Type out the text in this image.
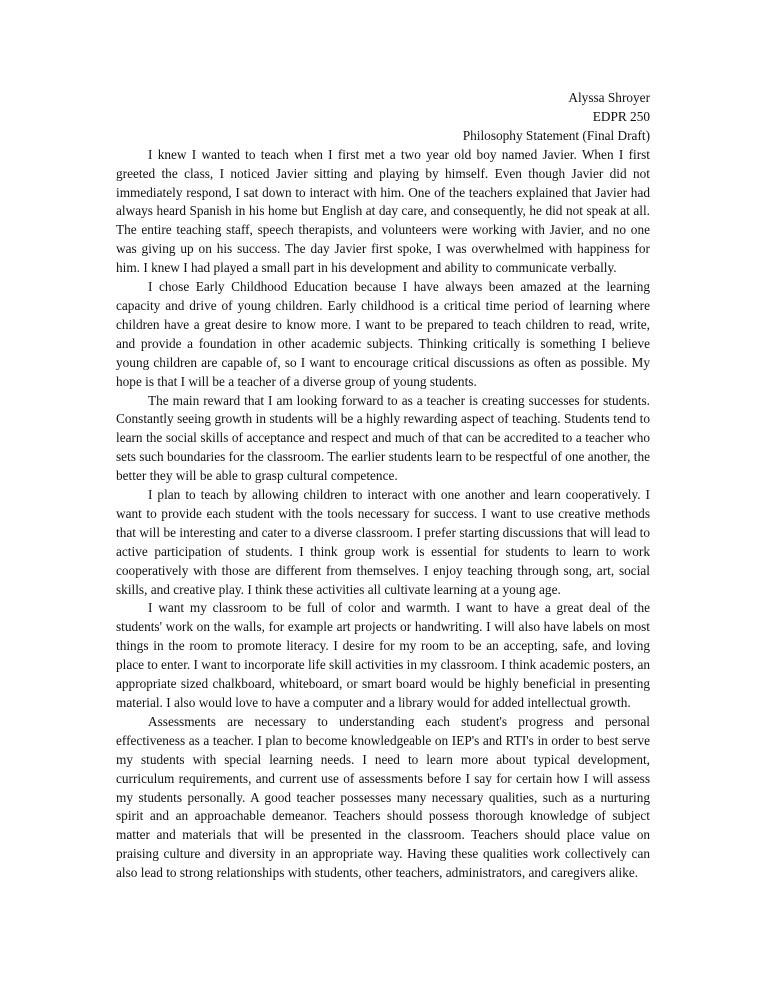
Alyssa Shroyer

EDPR 250

Philosophy Statement (Final Draft)

I knew I wanted to teach when I first met a two year old boy named Javier. When I first greeted the class, I noticed Javier sitting and playing by himself. Even though Javier did not immediately respond, I sat down to interact with him. One of the teachers explained that Javier had always heard Spanish in his home but English at day care, and consequently, he did not speak at all. The entire teaching staff, speech therapists, and volunteers were working with Javier, and no one was giving up on his success. The day Javier first spoke, I was overwhelmed with happiness for him. I knew I had played a small part in his development and ability to communicate verbally.

I chose Early Childhood Education because I have always been amazed at the learning capacity and drive of young children. Early childhood is a critical time period of learning where children have a great desire to know more. I want to be prepared to teach children to read, write, and provide a foundation in other academic subjects. Thinking critically is something I believe young children are capable of, so I want to encourage critical discussions as often as possible. My hope is that I will be a teacher of a diverse group of young students.

The main reward that I am looking forward to as a teacher is creating successes for students. Constantly seeing growth in students will be a highly rewarding aspect of teaching. Students tend to learn the social skills of acceptance and respect and much of that can be accredited to a teacher who sets such boundaries for the classroom. The earlier students learn to be respectful of one another, the better they will be able to grasp cultural competence.

I plan to teach by allowing children to interact with one another and learn cooperatively. I want to provide each student with the tools necessary for success. I want to use creative methods that will be interesting and cater to a diverse classroom. I prefer starting discussions that will lead to active participation of students. I think group work is essential for students to learn to work cooperatively with those are different from themselves. I enjoy teaching through song, art, social skills, and creative play. I think these activities all cultivate learning at a young age.

I want my classroom to be full of color and warmth. I want to have a great deal of the students' work on the walls, for example art projects or handwriting. I will also have labels on most things in the room to promote literacy. I desire for my room to be an accepting, safe, and loving place to enter. I want to incorporate life skill activities in my classroom. I think academic posters, an appropriate sized chalkboard, whiteboard, or smart board would be highly beneficial in presenting material. I also would love to have a computer and a library would for added intellectual growth.

Assessments are necessary to understanding each student's progress and personal effectiveness as a teacher. I plan to become knowledgeable on IEP's and RTI's in order to best serve my students with special learning needs. I need to learn more about typical development, curriculum requirements, and current use of assessments before I say for certain how I will assess my students personally. A good teacher possesses many necessary qualities, such as a nurturing spirit and an approachable demeanor. Teachers should possess thorough knowledge of subject matter and materials that will be presented in the classroom. Teachers should place value on praising culture and diversity in an appropriate way. Having these qualities work collectively can also lead to strong relationships with students, other teachers, administrators, and caregivers alike.
